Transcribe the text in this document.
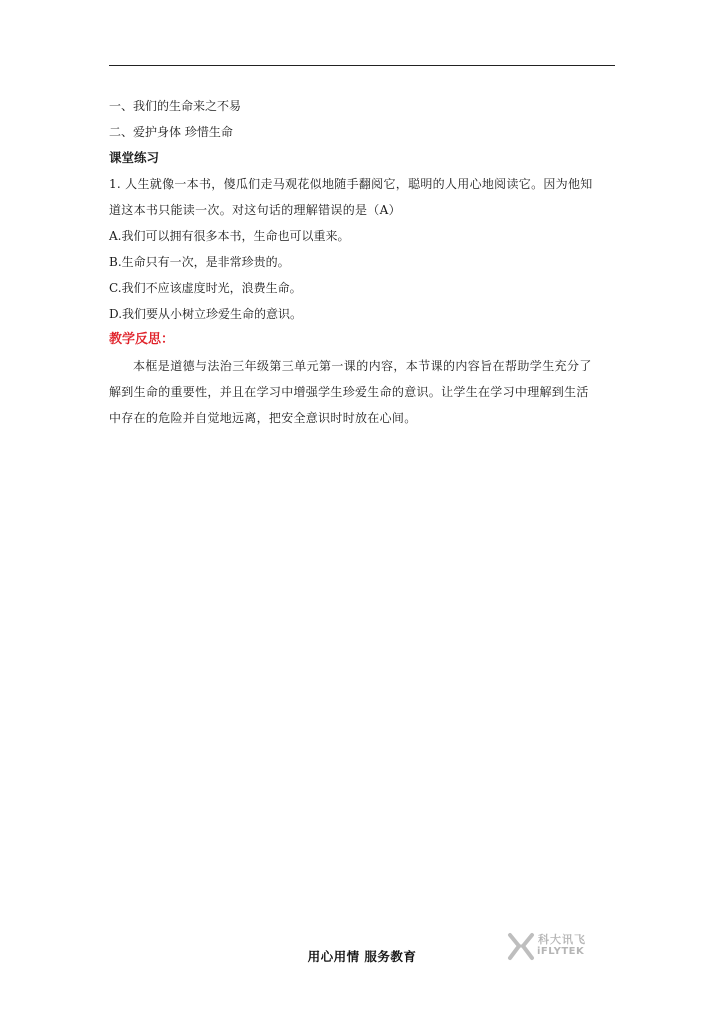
一、我们的生命来之不易

二、爱护身体 珍惜生命

课堂练习

1. 人生就像一本书，傻瓜们走马观花似地随手翻阅它，聪明的人用心地阅读它。因为他知

道这本书只能读一次。对这句话的理解错误的是（A）

A.我们可以拥有很多本书，生命也可以重来。

B.生命只有一次，是非常珍贵的。

C.我们不应该虚度时光，浪费生命。

D.我们要从小树立珍爱生命的意识。

教学反思：

本框是道德与法治三年级第三单元第一课的内容，本节课的内容旨在帮助学生充分了

解到生命的重要性，并且在学习中增强学生珍爱生命的意识。让学生在学习中理解到生活

中存在的危险并自觉地远离，把安全意识时时放在心间。

用心用情 服务教育
科大讯飞
iFLYTEK
